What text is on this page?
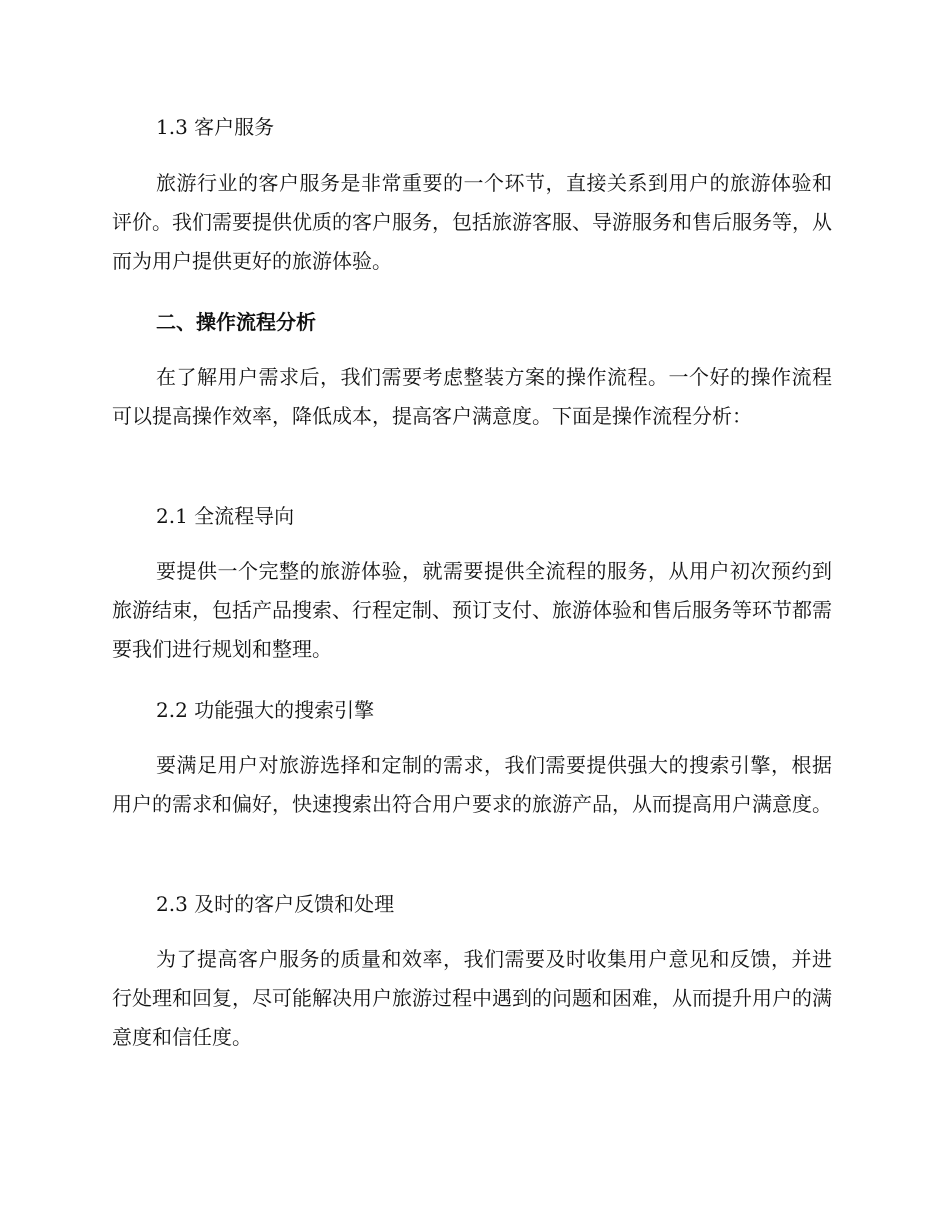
1.3 客户服务

旅游行业的客户服务是非常重要的一个环节，直接关系到用户的旅游体验和评价。我们需要提供优质的客户服务，包括旅游客服、导游服务和售后服务等，从而为用户提供更好的旅游体验。

二、操作流程分析

在了解用户需求后，我们需要考虑整装方案的操作流程。一个好的操作流程可以提高操作效率，降低成本，提高客户满意度。下面是操作流程分析：

2.1 全流程导向

要提供一个完整的旅游体验，就需要提供全流程的服务，从用户初次预约到旅游结束，包括产品搜索、行程定制、预订支付、旅游体验和售后服务等环节都需要我们进行规划和整理。

2.2 功能强大的搜索引擎

要满足用户对旅游选择和定制的需求，我们需要提供强大的搜索引擎，根据用户的需求和偏好，快速搜索出符合用户要求的旅游产品，从而提高用户满意度。

2.3 及时的客户反馈和处理

为了提高客户服务的质量和效率，我们需要及时收集用户意见和反馈，并进行处理和回复，尽可能解决用户旅游过程中遇到的问题和困难，从而提升用户的满意度和信任度。
